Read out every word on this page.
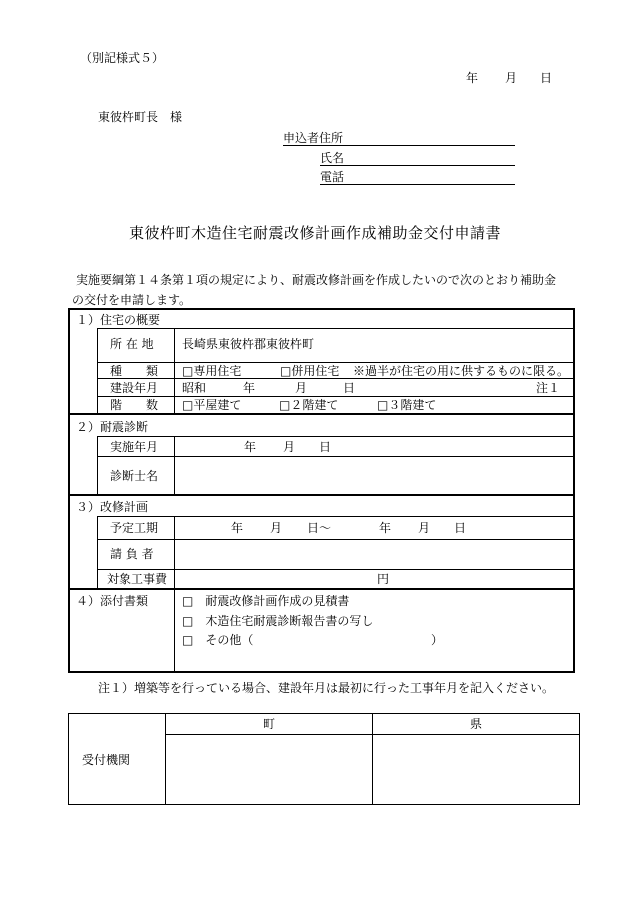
（別記様式５）
年 月 日
東彼杵町長　様
申込者住所
氏名
電話
東彼杵町木造住宅耐震改修計画作成補助金交付申請書
実施要綱第１４条第１項の規定により、耐震改修計画を作成したいので次のとおり補助金
の交付を申請します。
１）住宅の概要
所 在 地 長崎県東彼杵郡東彼杵町
種　　類 □専用住宅	□併用住宅 ※過半が住宅の用に供するものに限る。
建設年月 昭和	年	月	日	注１
階　　数 □平屋建て	□２階建て	□３階建て
２）耐震診断
実施年月	年 月 日
診断士名
３）改修計画
予定工期	年 月 日～	年 月 日
請 負 者
対象工事費	円
４）添付書類	□　耐震改修計画作成の見積書
□　木造住宅耐震診断報告書の写し
□　その他（	）
注１）増築等を行っている場合、建設年月は最初に行った工事年月を記入ください。
受付機関
町	県
